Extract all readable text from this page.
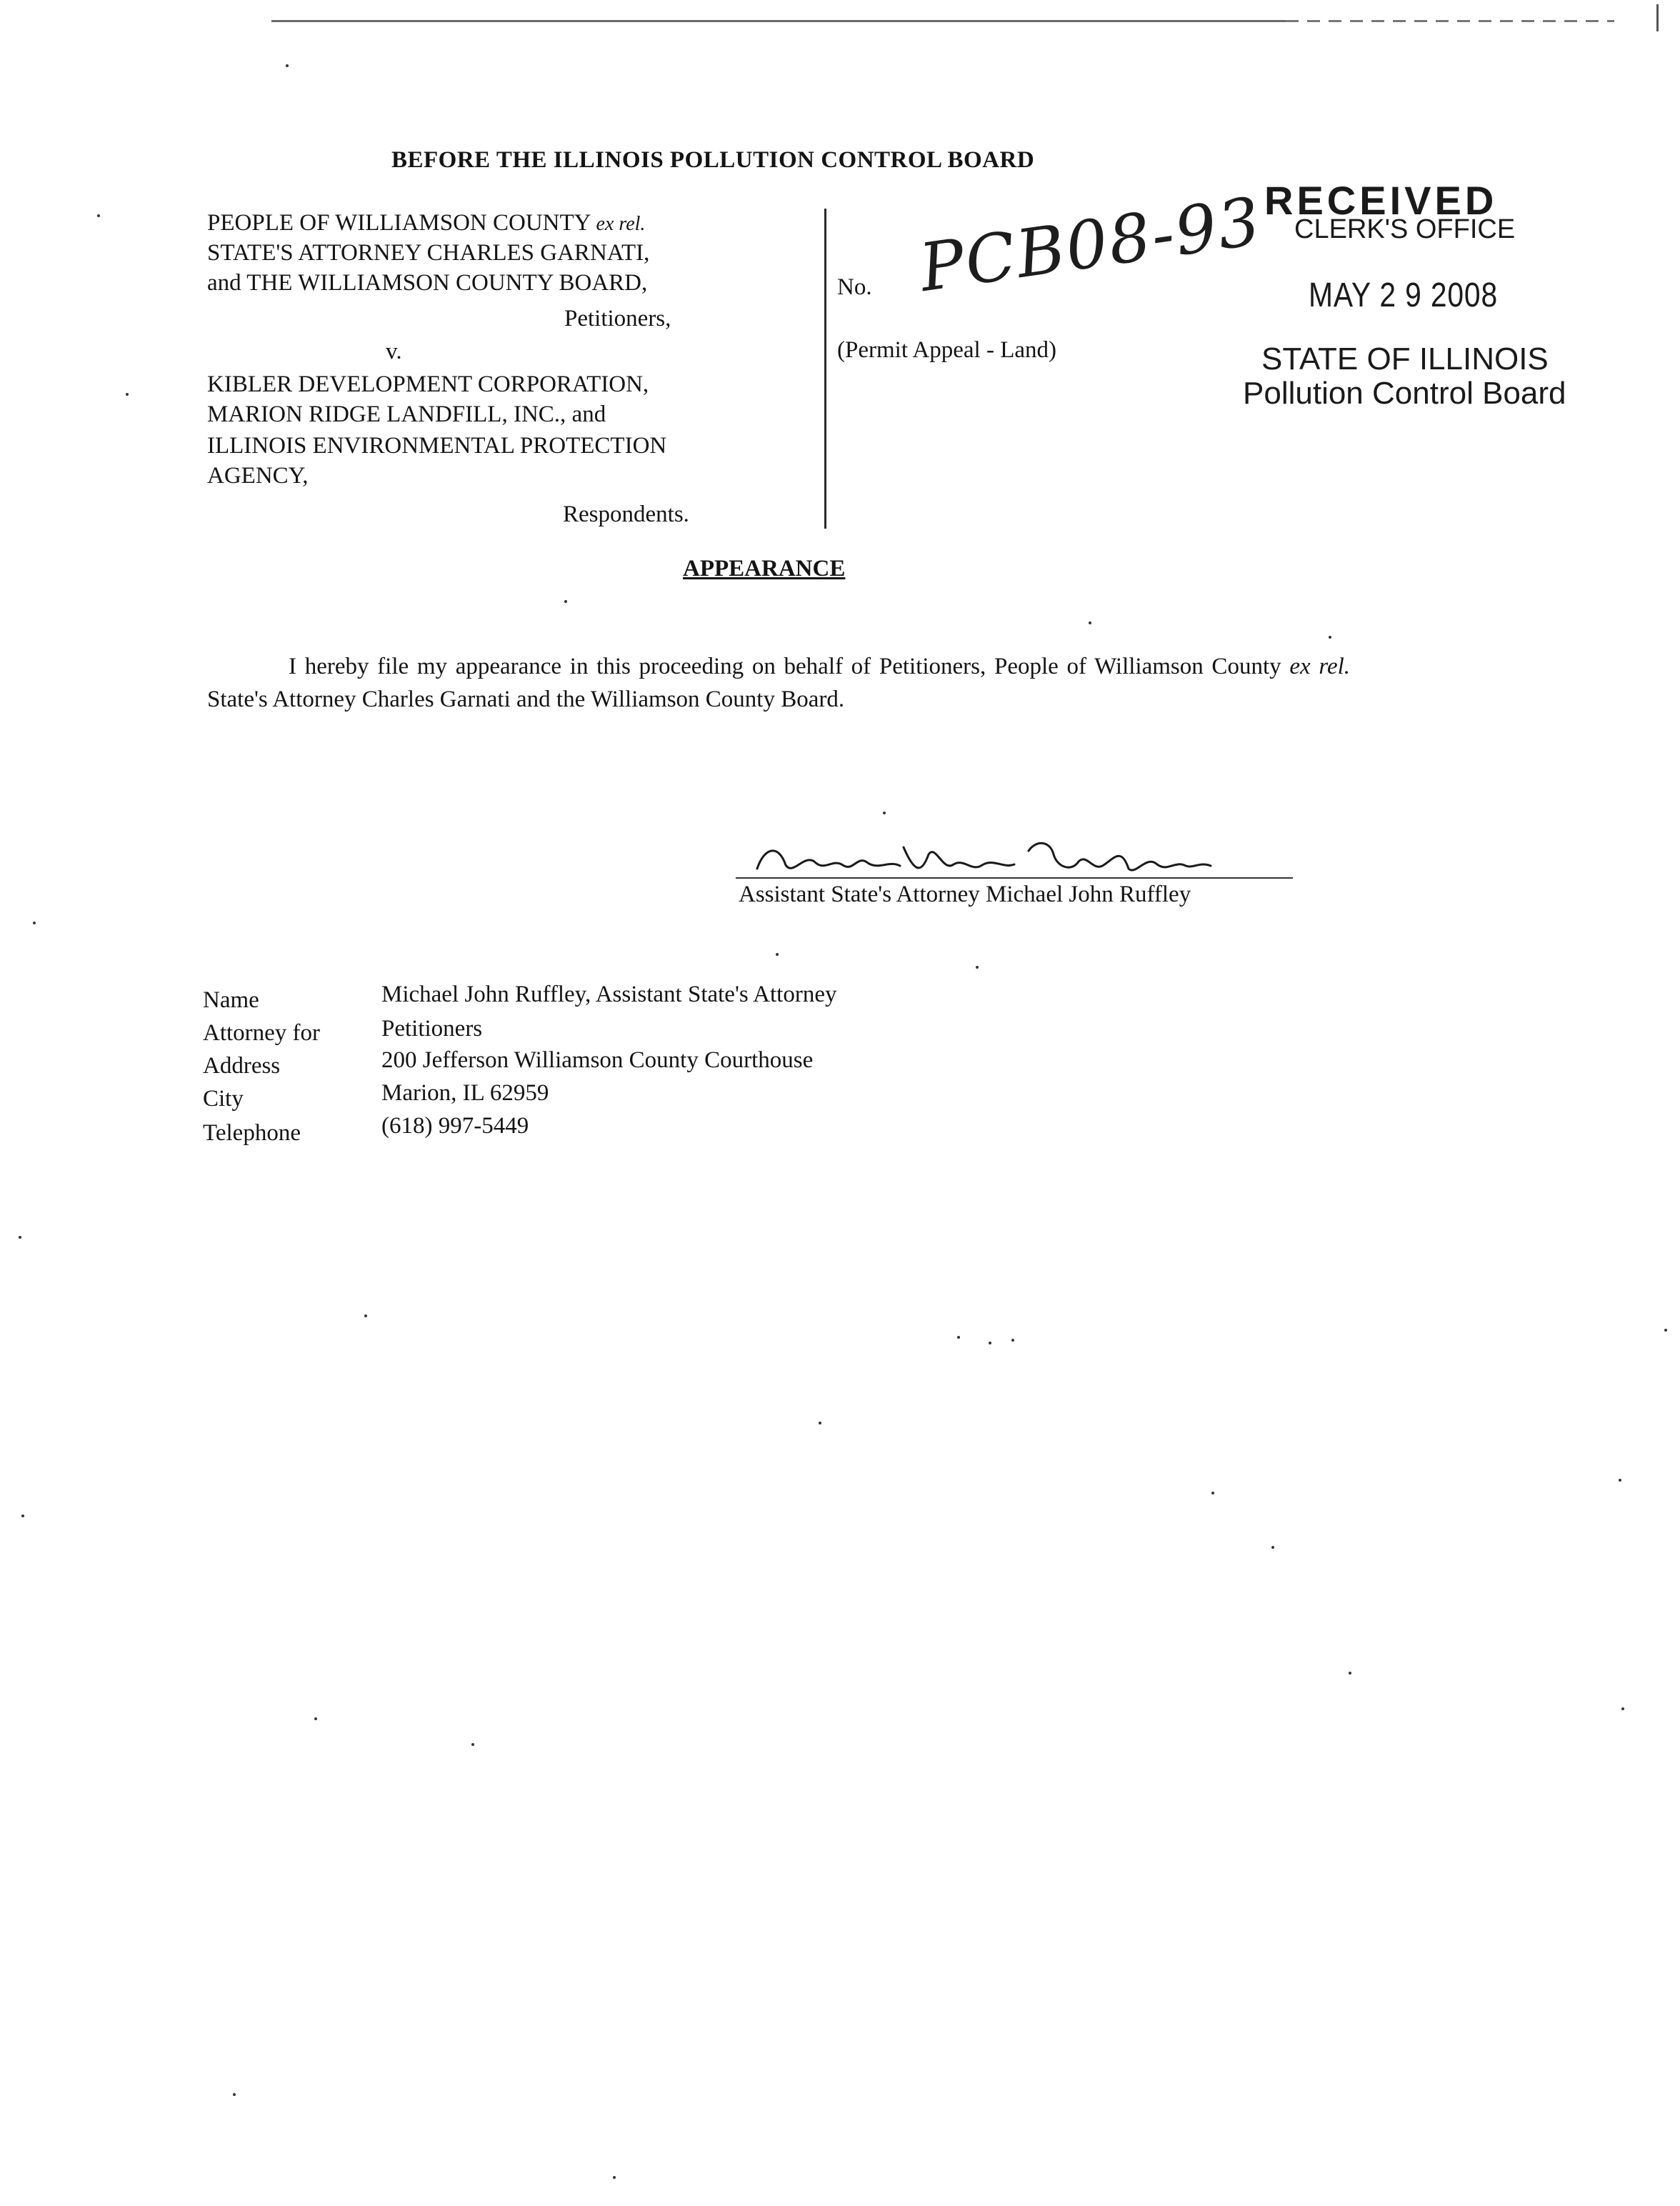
BEFORE THE ILLINOIS POLLUTION CONTROL BOARD
PEOPLE OF WILLIAMSON COUNTY ex rel.
STATE'S ATTORNEY CHARLES GARNATI,
and THE WILLIAMSON COUNTY BOARD,
Petitioners,
v.
KIBLER DEVELOPMENT CORPORATION,
MARION RIDGE LANDFILL, INC., and
ILLINOIS ENVIRONMENTAL PROTECTION
AGENCY,
Respondents.
No. PCB08-93
(Permit Appeal - Land)
RECEIVED
CLERK'S OFFICE
MAY 2 9 2008
STATE OF ILLINOIS
Pollution Control Board
APPEARANCE
I hereby file my appearance in this proceeding on behalf of Petitioners, People of Williamson County ex rel. State's Attorney Charles Garnati and the Williamson County Board.
Assistant State's Attorney Michael John Ruffley
Name	Michael John Ruffley, Assistant State's Attorney
Attorney for	Petitioners
Address	200 Jefferson Williamson County Courthouse
City	Marion, IL 62959
Telephone	(618) 997-5449
